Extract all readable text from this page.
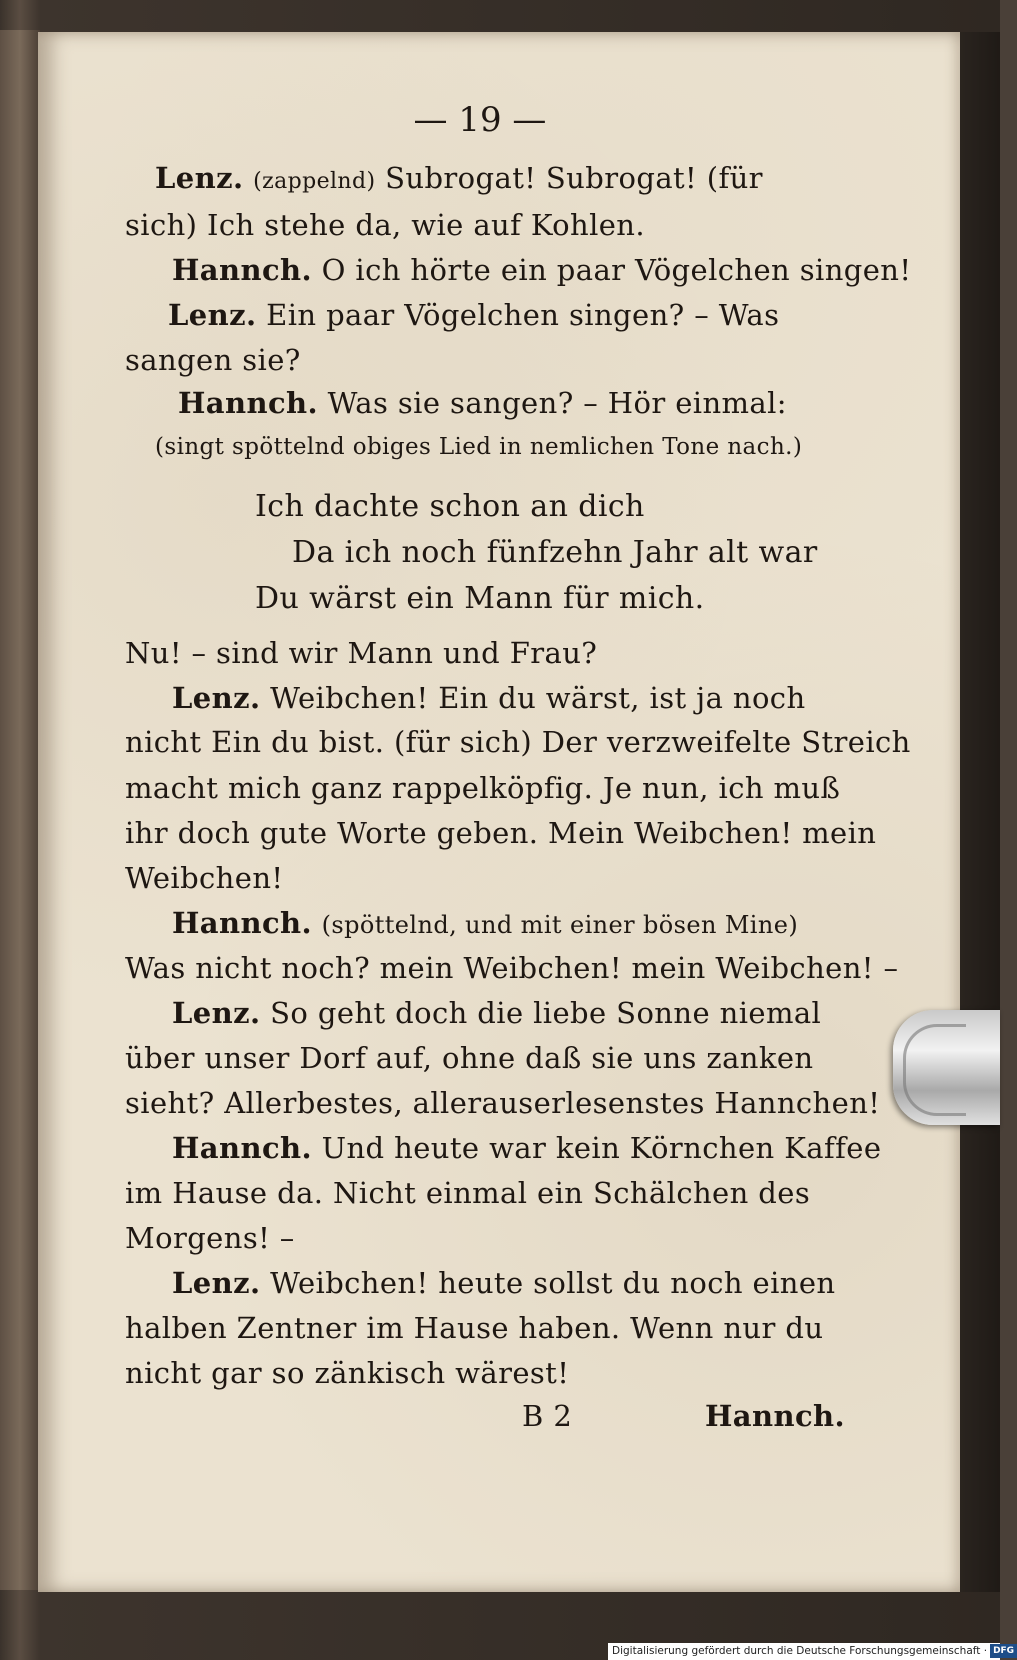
— 19 —
Lenz. (zappelnd) Subrogat! Subrogat! (für
sich) Ich stehe da, wie auf Kohlen.
Hannch. O ich hörte ein paar Vögelchen singen!
Lenz. Ein paar Vögelchen singen? – Was
sangen sie?
Hannch. Was sie sangen? – Hör einmal:
(singt spöttelnd obiges Lied in nemlichen Tone nach.)
Ich dachte schon an dich
Da ich noch fünfzehn Jahr alt war
Du wärst ein Mann für mich.
Nu! – sind wir Mann und Frau?
Lenz. Weibchen! Ein du wärst, ist ja noch
nicht Ein du bist. (für sich) Der verzweifelte Streich
macht mich ganz rappelköpfig. Je nun, ich muß
ihr doch gute Worte geben. Mein Weibchen! mein
Weibchen!
Hannch. (spöttelnd, und mit einer bösen Mine)
Was nicht noch? mein Weibchen! mein Weibchen! –
Lenz. So geht doch die liebe Sonne niemal
über unser Dorf auf, ohne daß sie uns zanken
sieht? Allerbestes, allerauserlesenstes Hannchen!
Hannch. Und heute war kein Körnchen Kaffee
im Hause da. Nicht einmal ein Schälchen des
Morgens! –
Lenz. Weibchen! heute sollst du noch einen
halben Zentner im Hause haben. Wenn nur du
nicht gar so zänkisch wärest!
B 2	Hannch.
Digitalisierung gefördert durch die Deutsche Forschungsgemeinschaft · DFG
